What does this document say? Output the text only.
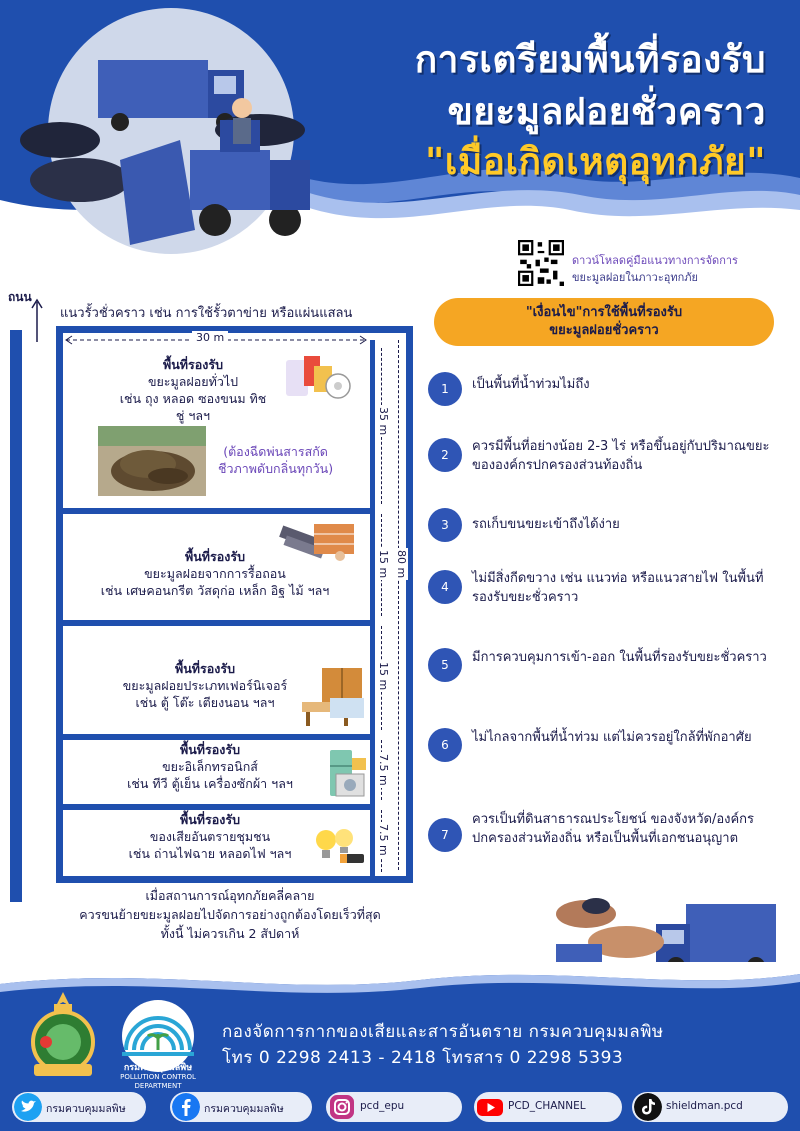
การเตรียมพื้นที่รองรับ
ขยะมูลฝอยชั่วคราว
"เมื่อเกิดเหตุอุทกภัย"
ดาวน์โหลดคู่มือแนวทางการจัดการ
ขยะมูลฝอยในภาวะอุทกภัย
ถนน
แนวรั้วชั่วคราว เช่น การใช้รั้วตาข่าย หรือแผ่นแสลน
30 m
35 m
15 m
15 m
7.5 m
7.5 m
80 m
พื้นที่รองรับ
ขยะมูลฝอยทั่วไป
เช่น ถุง หลอด ซองขนม ทิชชู่ ฯลฯ
(ต้องฉีดพ่นสารสกัด
ชีวภาพดับกลิ่นทุกวัน)
พื้นที่รองรับ
ขยะมูลฝอยจากการรื้อถอน
เช่น เศษคอนกรีต วัสดุก่อ เหล็ก อิฐ ไม้ ฯลฯ
พื้นที่รองรับ
ขยะมูลฝอยประเภทเฟอร์นิเจอร์
เช่น ตู้ โต๊ะ เตียงนอน ฯลฯ
พื้นที่รองรับ
ขยะอิเล็กทรอนิกส์
เช่น ทีวี ตู้เย็น เครื่องซักผ้า ฯลฯ
พื้นที่รองรับ
ของเสียอันตรายชุมชน
เช่น ถ่านไฟฉาย หลอดไฟ ฯลฯ
เมื่อสถานการณ์อุทกภัยคลี่คลาย
ควรขนย้ายขยะมูลฝอยไปจัดการอย่างถูกต้องโดยเร็วที่สุด
ทั้งนี้ ไม่ควรเกิน 2 สัปดาห์
"เงื่อนไข"การใช้พื้นที่รองรับ
ขยะมูลฝอยชั่วคราว
1	เป็นพื้นที่น้ำท่วมไม่ถึง
2
ควรมีพื้นที่อย่างน้อย 2-3 ไร่ หรือขึ้นอยู่กับปริมาณขยะขององค์กรปกครองส่วนท้องถิ่น
3	รถเก็บขนขยะเข้าถึงได้ง่าย
4
ไม่มีสิ่งกีดขวาง เช่น แนวท่อ หรือแนวสายไฟ ในพื้นที่รองรับขยะชั่วคราว
5	มีการควบคุมการเข้า-ออก ในพื้นที่รองรับขยะชั่วคราว
6	ไม่ไกลจากพื้นที่น้ำท่วม แต่ไม่ควรอยู่ใกล้ที่พักอาศัย
7
ควรเป็นที่ดินสาธารณประโยชน์ ของจังหวัด/องค์กรปกครองส่วนท้องถิ่น หรือเป็นพื้นที่เอกชนอนุญาต
กรมควบคุมมลพิษ
POLLUTION CONTROL DEPARTMENT
กองจัดการกากของเสียและสารอันตราย กรมควบคุมมลพิษ
โทร 0 2298 2413 - 2418 โทรสาร 0 2298 5393
กรมควบคุมมลพิษ	กรมควบคุมมลพิษ	pcd_epu	PCD_CHANNEL	shieldman.pcd
